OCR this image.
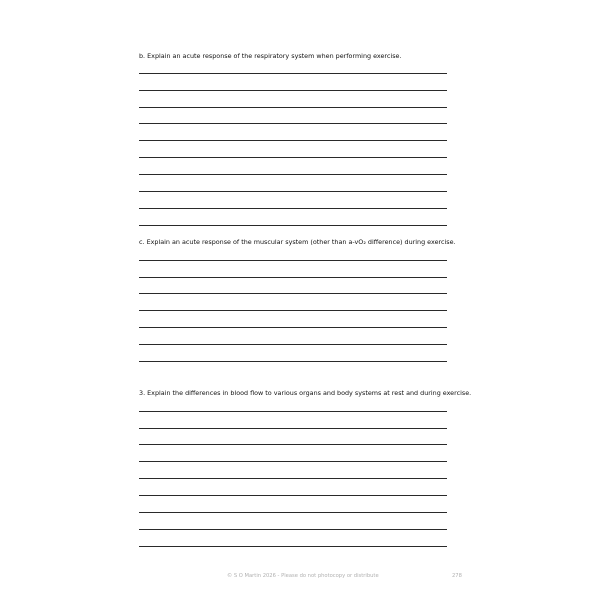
b. Explain an acute response of the respiratory system when performing exercise.
c. Explain an acute response of the muscular system (other than a-vO₂ difference) during exercise.
3. Explain the differences in blood flow to various organs and body systems at rest and during exercise.
© S O Martin 2026 - Please do not photocopy or distribute	278
